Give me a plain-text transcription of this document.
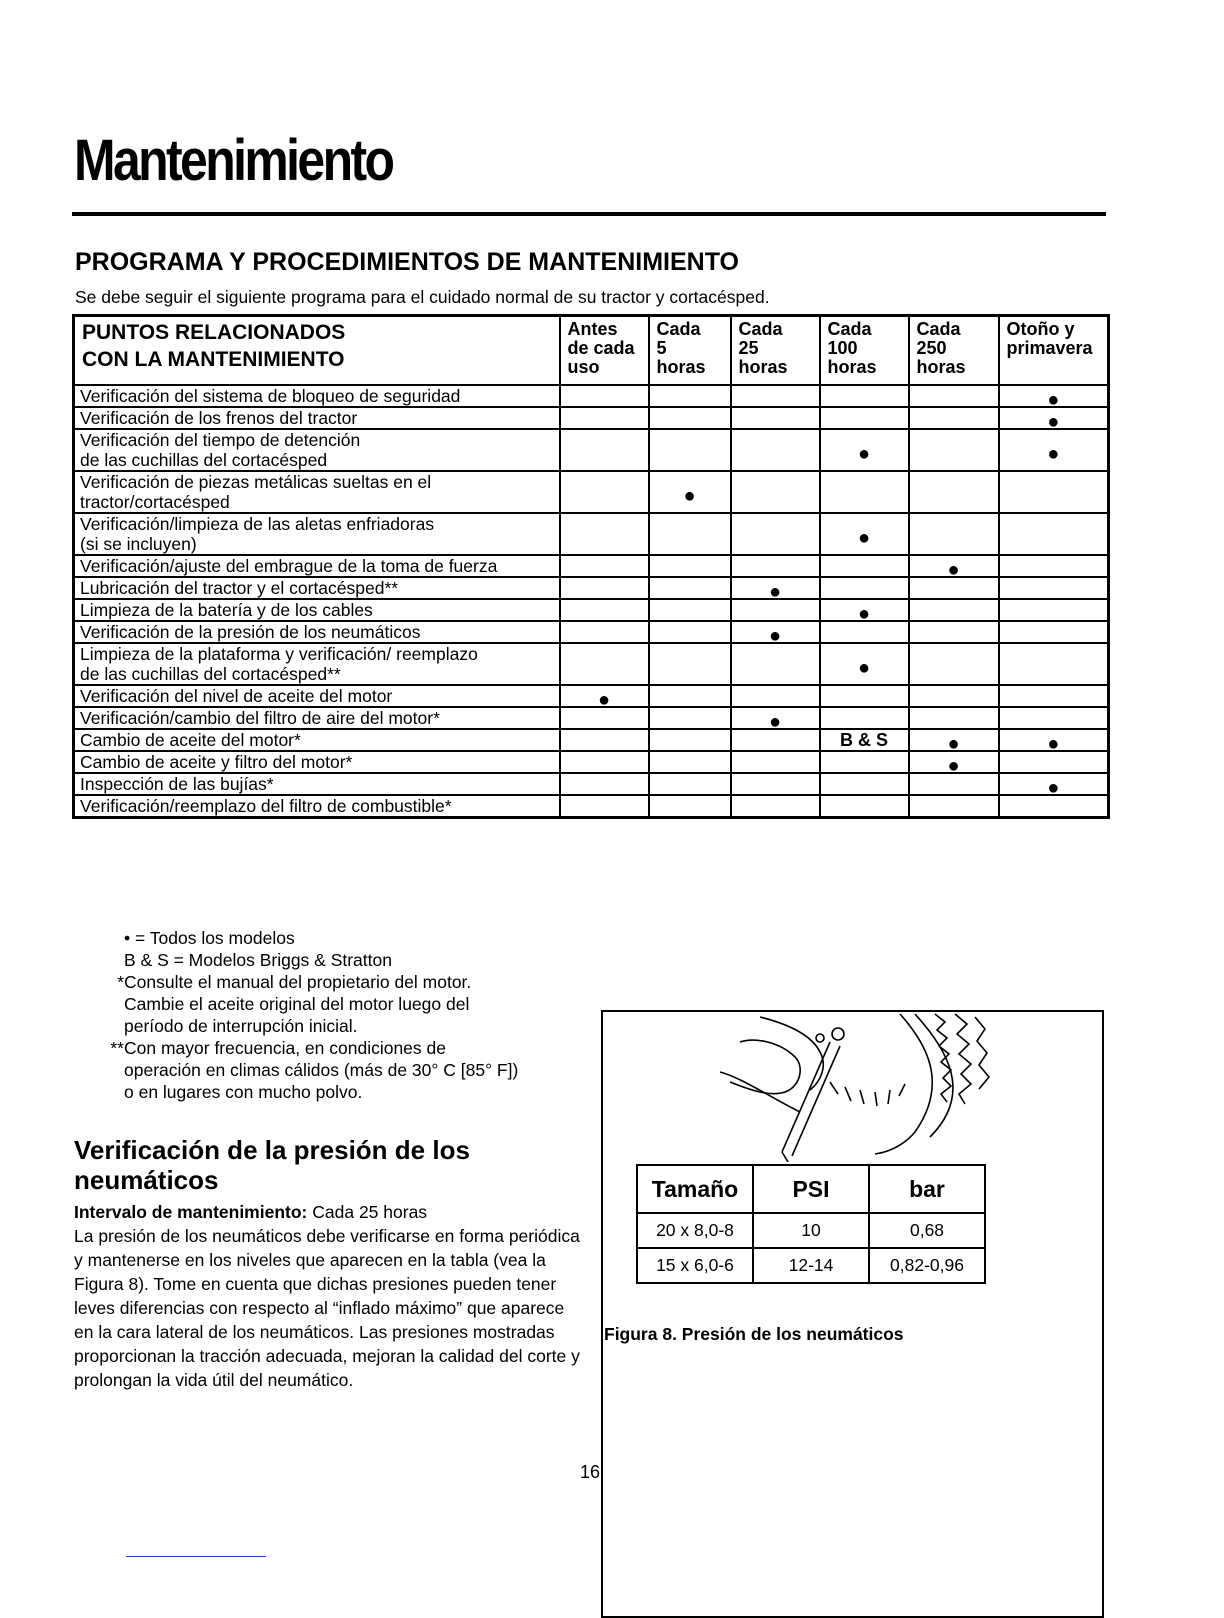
Mantenimiento
PROGRAMA Y PROCEDIMIENTOS DE MANTENIMIENTO

Se debe seguir el siguiente programa para el cuidado normal de su tractor y cortacésped.

PUNTOS RELACIONADOS
CON LA MANTENIMIENTO	Antes
de cada
uso	Cada
5
horas	Cada
25
horas	Cada
100
horas	Cada
250
horas	Otoño y
primavera
Verificación del sistema de bloqueo de seguridad						●
Verificación de los frenos del tractor						●
Verificación del tiempo de detención
de las cuchillas del cortacésped				●		●
Verificación de piezas metálicas sueltas en el
tractor/cortacésped		●				
Verificación/limpieza de las aletas enfriadoras
(si se incluyen)				●		
Verificación/ajuste del embrague de la toma de fuerza					●	
Lubricación del tractor y el cortacésped**			●			
Limpieza de la batería y de los cables				●		
Verificación de la presión de los neumáticos			●			
Limpieza de la plataforma y verificación/ reemplazo
de las cuchillas del cortacésped**				●		
Verificación del nivel de aceite del motor	●					
Verificación/cambio del filtro de aire del motor*			●			
Cambio de aceite del motor*				B & S	●	●
Cambio de aceite y filtro del motor*					●	
Inspección de las bujías*						●
Verificación/reemplazo del filtro de combustible*						
• = Todos los modelos
B & S = Modelos Briggs & Stratton
* Consulte el manual del propietario del motor.
Cambie el aceite original del motor luego del
período de interrupción inicial.
** Con mayor frecuencia, en condiciones de
operación en climas cálidos (más de 30° C [85° F])
o en lugares con mucho polvo.
Verificación de la presión de los neumáticos

Intervalo de mantenimiento: Cada 25 horas
La presión de los neumáticos debe verificarse en forma periódica y mantenerse en los niveles que aparecen en la tabla (vea la Figura 8). Tome en cuenta que dichas presiones pueden tener leves diferencias con respecto al “inflado máximo” que aparece en la cara lateral de los neumáticos. Las presiones mostradas proporcionan la tracción adecuada, mejoran la calidad del corte y prolongan la vida útil del neumático.

Tamaño	PSI	bar
20 x 8,0-8	10	0,68
15 x 6,0-6	12-14	0,82-0,96

Figura 8. Presión de los neumáticos

16
